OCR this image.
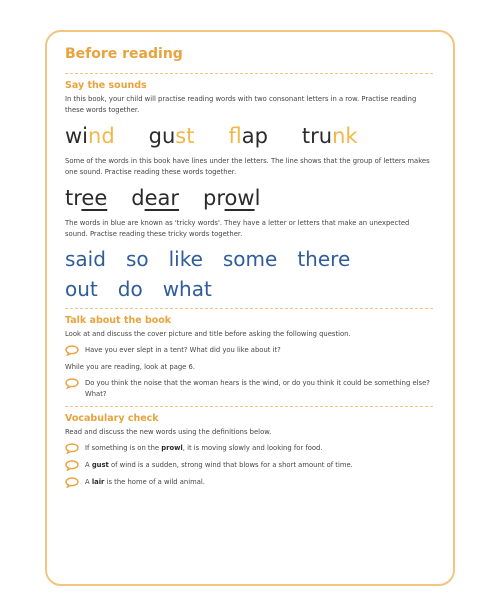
Before reading
Say the sounds

In this book, your child will practise reading words with two consonant letters in a row. Practise reading these words together.

wind gust flap trunk

Some of the words in this book have lines under the letters. The line shows that the group of letters makes one sound. Practise reading these words together.

tree dear prowl

The words in blue are known as 'tricky words'. They have a letter or letters that make an unexpected sound. Practise reading these tricky words together.

said so like some there
out do what
Talk about the book

Look at and discuss the cover picture and title before asking the following question.

Have you ever slept in a tent? What did you like about it?

While you are reading, look at page 6.

Do you think the noise that the woman hears is the wind, or do you think it could be something else? What?
Vocabulary check

Read and discuss the new words using the definitions below.

If something is on the prowl, it is moving slowly and looking for food.
A gust of wind is a sudden, strong wind that blows for a short amount of time.
A lair is the home of a wild animal.
